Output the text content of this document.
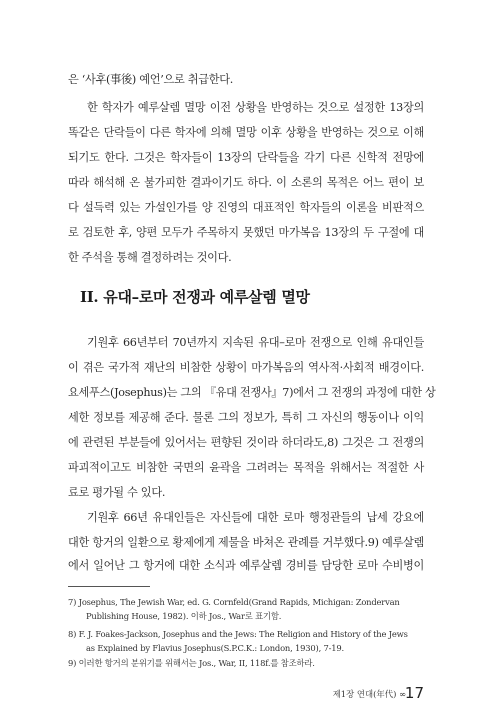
은 ‘사후(事後) 예언’으로 취급한다.
한 학자가 예루살렘 멸망 이전 상황을 반영하는 것으로 설정한 13장의
똑같은 단락들이 다른 학자에 의해 멸망 이후 상황을 반영하는 것으로 이해
되기도 한다. 그것은 학자들이 13장의 단락들을 각기 다른 신학적 전망에
따라 해석해 온 불가피한 결과이기도 하다. 이 소론의 목적은 어느 편이 보
다 설득력 있는 가설인가를 양 진영의 대표적인 학자들의 이론을 비판적으
로 검토한 후, 양편 모두가 주목하지 못했던 마가복음 13장의 두 구절에 대
한 주석을 통해 결정하려는 것이다.
II. 유대–로마 전쟁과 예루살렘 멸망
기원후 66년부터 70년까지 지속된 유대–로마 전쟁으로 인해 유대인들
이 겪은 국가적 재난의 비참한 상황이 마가복음의 역사적·사회적 배경이다.
요세푸스(Josephus)는 그의 『유대 전쟁사』7)에서 그 전쟁의 과정에 대한 상
세한 정보를 제공해 준다. 물론 그의 정보가, 특히 그 자신의 행동이나 이익
에 관련된 부분들에 있어서는 편향된 것이라 하더라도,8) 그것은 그 전쟁의
파괴적이고도 비참한 국면의 윤곽을 그려려는 목적을 위해서는 적절한 사
료로 평가될 수 있다.
기원후 66년 유대인들은 자신들에 대한 로마 행정관들의 납세 강요에
대한 항거의 일환으로 황제에게 제물을 바쳐온 관례를 거부했다.9) 예루살렘
에서 일어난 그 항거에 대한 소식과 예루살렘 경비를 담당한 로마 수비병이
7) Josephus, The Jewish War, ed. G. Cornfeld(Grand Rapids, Michigan: Zondervan
Publishing House, 1982). 이하 Jos., War로 표기함.
8) F. J. Foakes-Jackson, Josephus and the Jews: The Religion and History of the Jews
as Explained by Flavius Josephus(S.P.C.K.: London, 1930), 7-19.
9) 이러한 항거의 분위기를 위해서는 Jos., War, II, 118f.를 참조하라.
제1장 연대(年代) ∞
17
